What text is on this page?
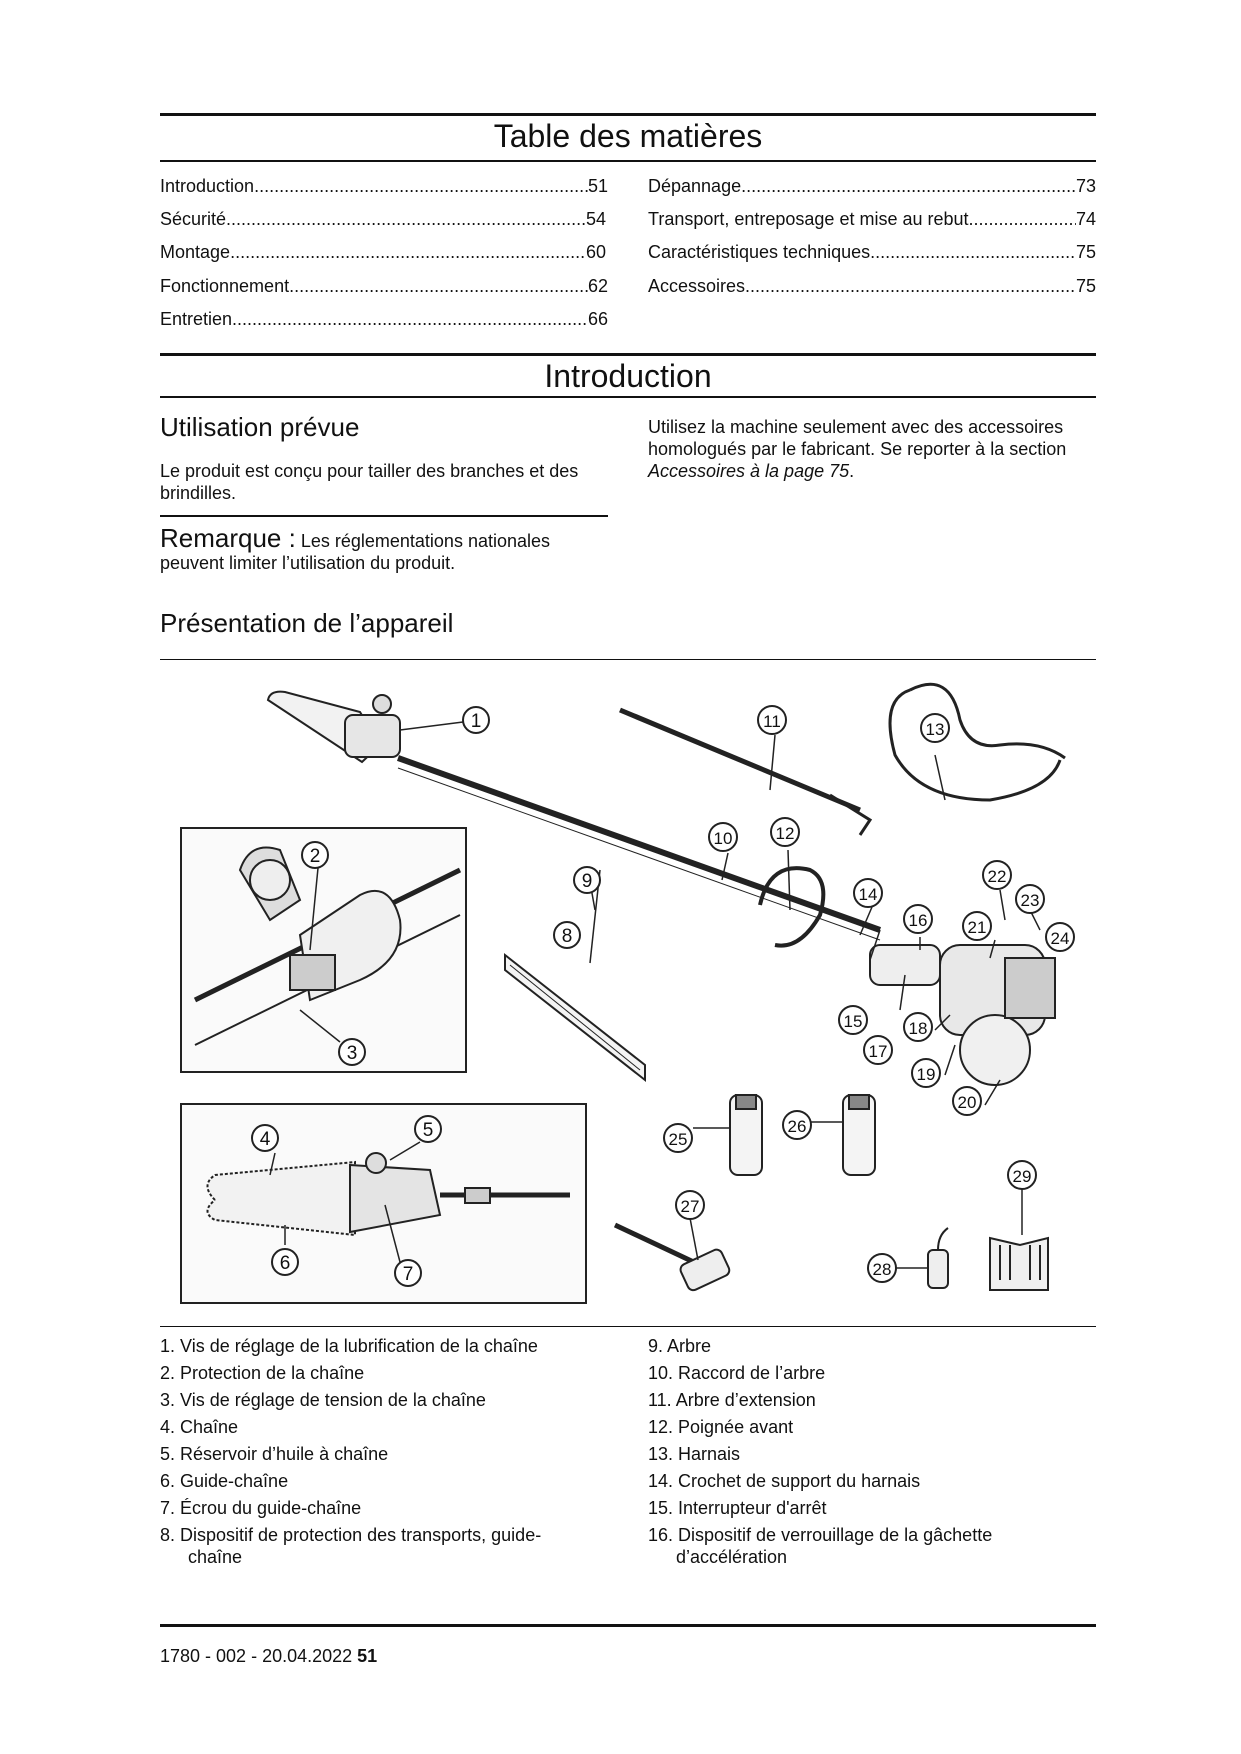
Table des matières
Introduction .....	51
Sécurité .....	54
Montage .....	60
Fonctionnement .....	62
Entretien .....	66
Dépannage .....	73
Transport, entreposage et mise au rebut .....	74
Caractéristiques techniques .....	75
Accessoires .....	75
Introduction
Utilisation prévue
Le produit est conçu pour tailler des branches et des brindilles.
Remarque : Les réglementations nationales peuvent limiter l’utilisation du produit.
Utilisez la machine seulement avec des accessoires homologués par le fabricant. Se reporter à la section Accessoires à la page 75.
Présentation de l’appareil
1
2
3
4	5
6
7
8
9
10
11
12
13
14
15
16
17
18
19
20
21
22
23
24
25
26
27
28
29
1. Vis de réglage de la lubrification de la chaîne
2. Protection de la chaîne
3. Vis de réglage de tension de la chaîne
4. Chaîne
5. Réservoir d’huile à chaîne
6. Guide-chaîne
7. Écrou du guide-chaîne
8. Dispositif de protection des transports, guide-
chaîne
9. Arbre
10. Raccord de l’arbre
11. Arbre d’extension
12. Poignée avant
13. Harnais
14. Crochet de support du harnais
15. Interrupteur d'arrêt
16. Dispositif de verrouillage de la gâchette
d’accélération
1780 - 002 - 20.04.2022 51
